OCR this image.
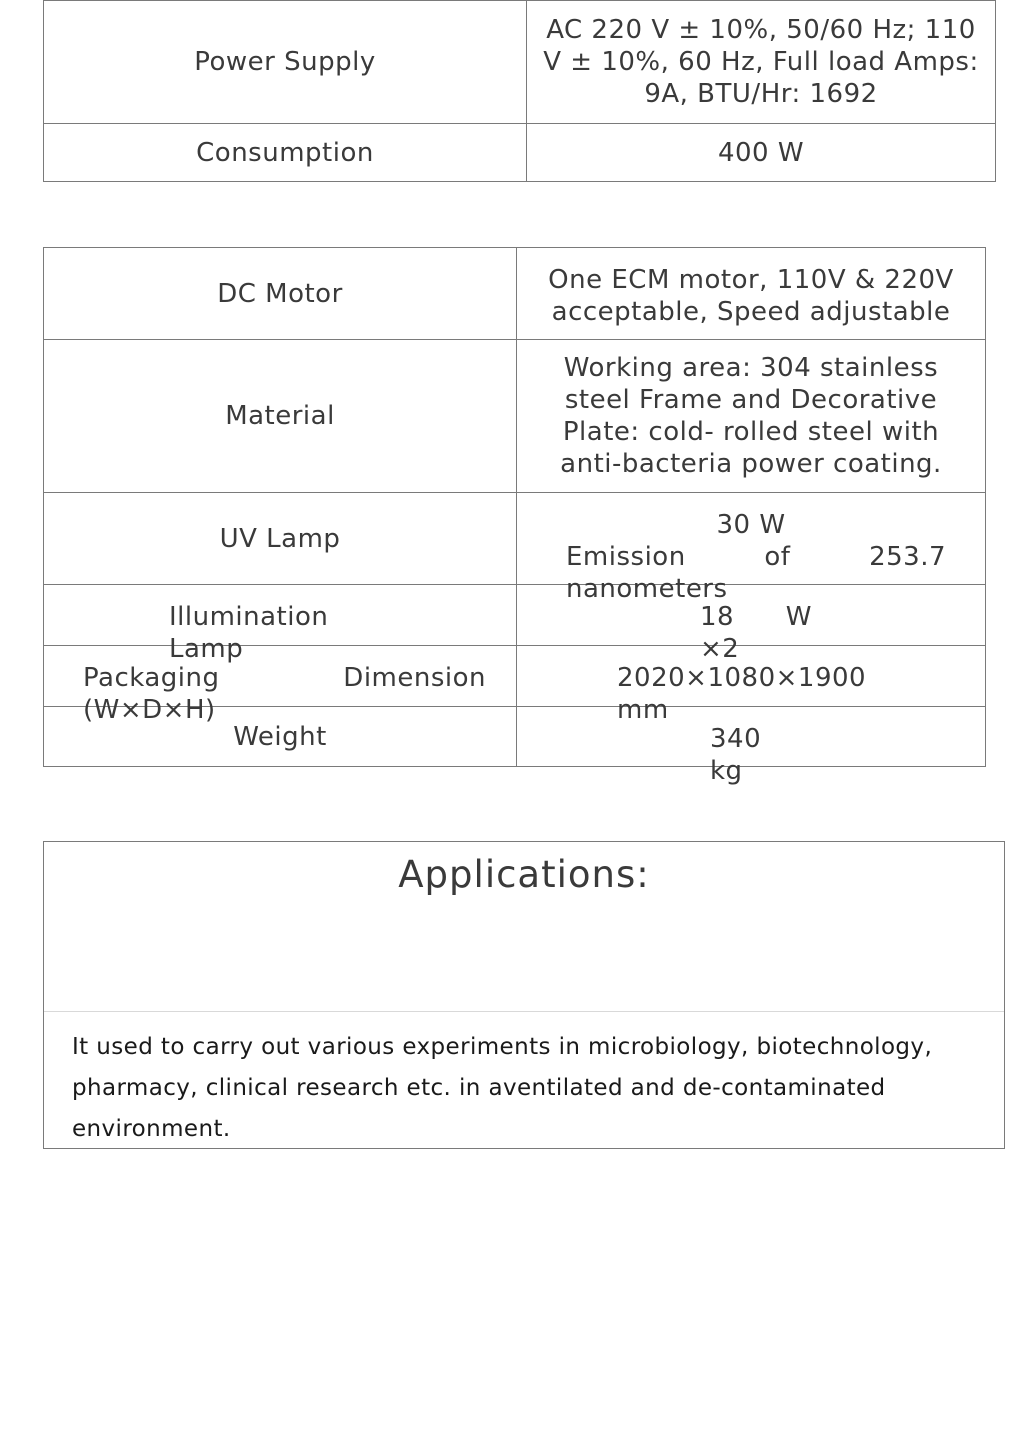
Power Supply	AC 220 V ± 10%, 50/60 Hz; 110 V ± 10%, 60 Hz, Full load Amps: 9A, BTU/Hr: 1692

Consumption	400 W
DC Motor	One ECM motor, 110V & 220V acceptable, Speed adjustable

Material	Working area: 304 stainless steel Frame and Decorative Plate: cold- rolled steel with anti-bacteria power coating.

UV Lamp	30 W
Emission of 253.7 nanometers

Illumination Lamp	18 W ×2

Packaging Dimension (W×D×H)	2020×1080×1900 mm

Weight	340 kg
Applications:
It used to carry out various experiments in microbiology, biotechnology, pharmacy, clinical research etc. in aventilated and de-contaminated environment.
